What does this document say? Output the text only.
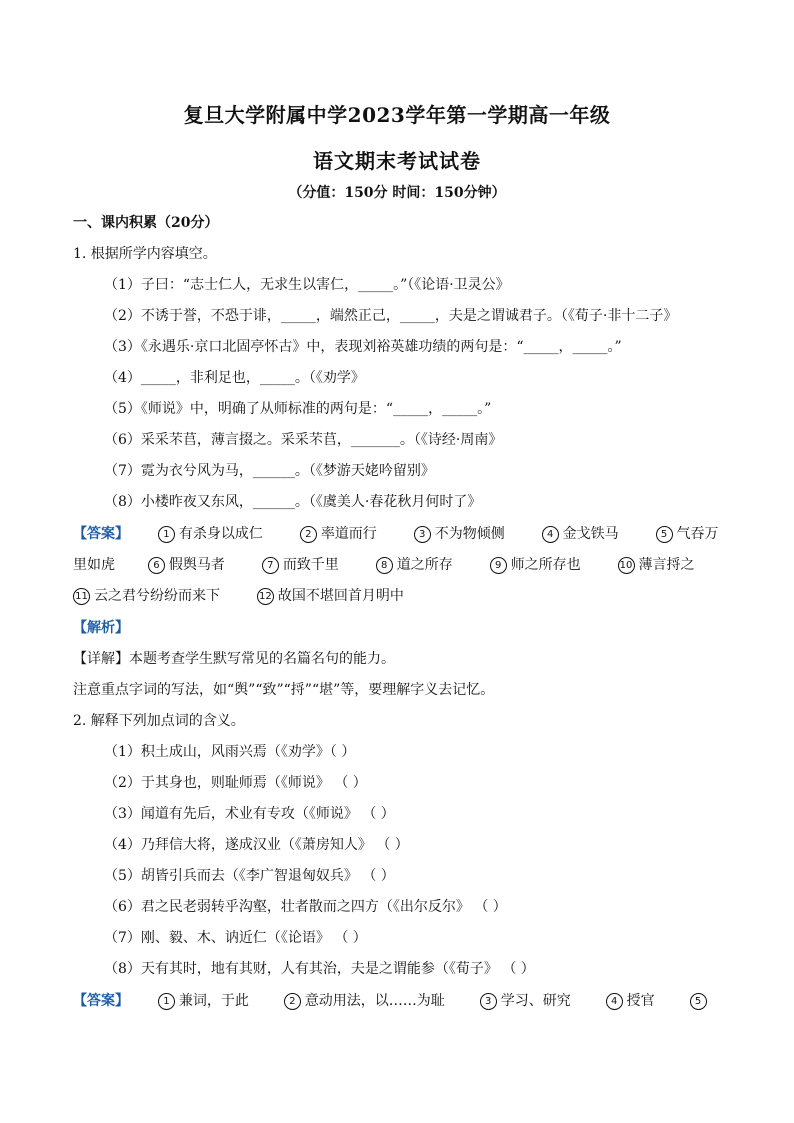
复旦大学附属中学2023学年第一学期高一年级
语文期末考试试卷
（分值：150分 时间：150分钟）
一、课内积累（20分）
1. 根据所学内容填空。
（1）子曰：“志士仁人，无求生以害仁，_____。”（《论语·卫灵公》
（2）不诱于誉，不恐于诽，_____，端然正己，_____，夫是之谓诚君子。（《荀子·非十二子》
（3）《永遇乐·京口北固亭怀古》中，表现刘裕英雄功绩的两句是：“_____，_____。”
（4）_____，非利足也，_____。（《劝学》
（5）《师说》中，明确了从师标准的两句是：“_____，_____。”
（6）采采芣苢，薄言掇之。采采芣苢，_______。（《诗经·周南》
（7）霓为衣兮风为马，______。（《梦游天姥吟留别》
（8）小楼昨夜又东风，______。（《虞美人·春花秋月何时了》
【答案】	1 有杀身以成仁	2 率道而行	3 不为物倾侧	4 金戈铁马	5 气吞万
里如虎	6 假舆马者	7 而致千里	8 道之所存	9 师之所存也	10 薄言捋之
11 云之君兮纷纷而来下	12 故国不堪回首月明中
【解析】
【详解】本题考查学生默写常见的名篇名句的能力。
注意重点字词的写法，如“舆”“致”“捋”“堪”等，要理解字义去记忆。
2. 解释下列加点词的含义。
（1）积土成山，风雨兴焉（《劝学》（ ）
（2）于其身也，则耻师焉（《师说》 （ ）
（3）闻道有先后，术业有专攻（《师说》 （ ）
（4）乃拜信大将，遂成汉业（《萧房知人》 （ ）
（5）胡皆引兵而去（《李广智退匈奴兵》 （ ）
（6）君之民老弱转乎沟壑，壮者散而之四方（《出尔反尔》 （ ）
（7）刚、毅、木、讷近仁（《论语》 （ ）
（8）天有其时，地有其财，人有其治，夫是之谓能参（《荀子》 （ ）
【答案】	1 兼词，于此	2 意动用法，以……为耻	3 学习、研究	4 授官	5
